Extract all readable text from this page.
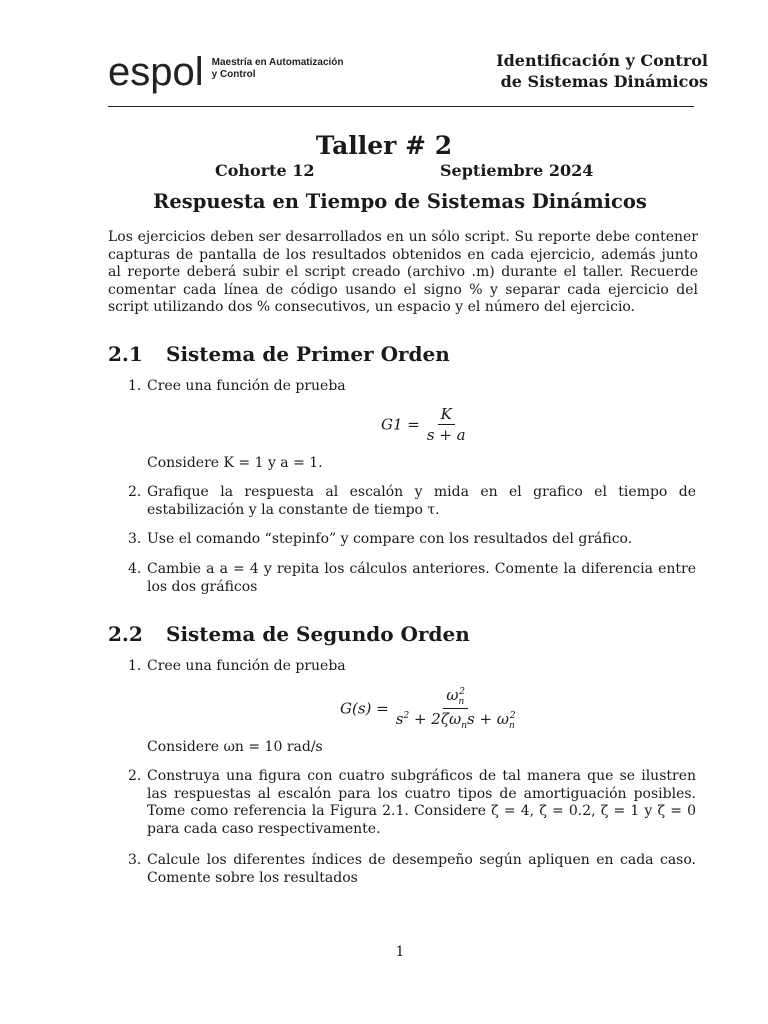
espol Maestría en Automatización
y Control
Identificación y Control
de Sistemas Dinámicos
Taller # 2
Cohorte 12	Septiembre 2024
Respuesta en Tiempo de Sistemas Dinámicos

Los ejercicios deben ser desarrollados en un sólo script. Su reporte debe contener capturas de pantalla de los resultados obtenidos en cada ejercicio, además junto al reporte deberá subir el script creado (archivo .m) durante el taller. Recuerde comentar cada línea de código usando el signo % y separar cada ejercicio del script utilizando dos % consecutivos, un espacio y el número del ejercicio.

2.1 Sistema de Primer Orden
1. Cree una función de prueba
$G1 = \frac{K}{s + a}$
Considere K = 1 y a = 1.
2. Grafique la respuesta al escalón y mida en el grafico el tiempo de estabilización y la constante de tiempo τ.
3. Use el comando “stepinfo” y compare con los resultados del gráfico.
4. Cambie a a = 4 y repita los cálculos anteriores. Comente la diferencia entre los dos gráficos
2.2 Sistema de Segundo Orden
1. Cree una función de prueba
$G(s) = \frac{\omega_n^2}{s^2 + 2\zeta\omega_ns + \omega_n^2}$
Considere ωn = 10 rad/s
2. Construya una figura con cuatro subgráficos de tal manera que se ilustren las respuestas al escalón para los cuatro tipos de amortiguación posibles. Tome como referencia la Figura 2.1. Considere ζ = 4, ζ = 0.2, ζ = 1 y ζ = 0 para cada caso respectivamente.
3. Calcule los diferentes índices de desempeño según apliquen en cada caso. Comente sobre los resultados
1
